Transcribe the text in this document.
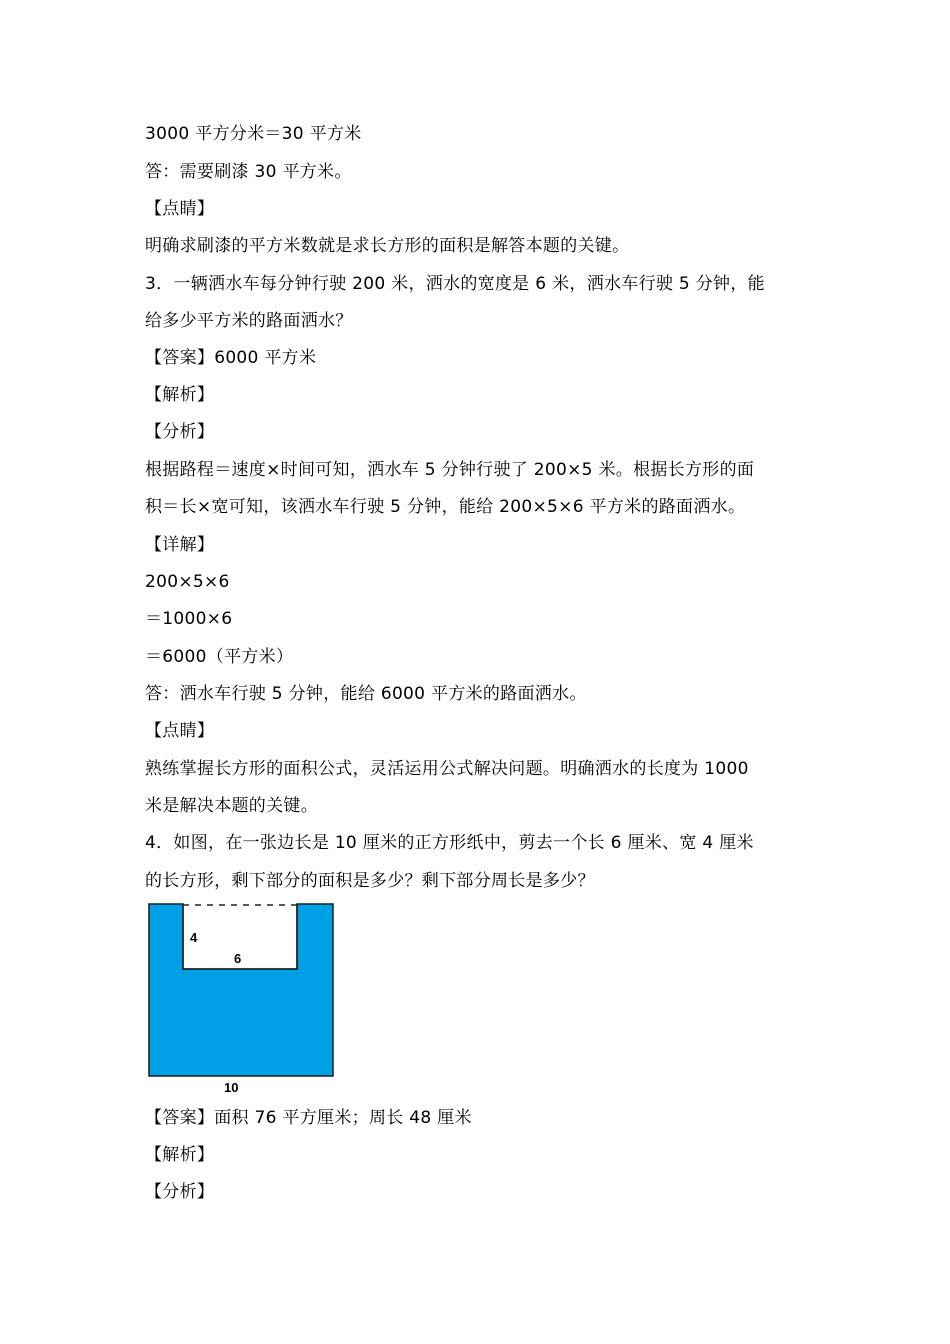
3000 平方分米＝30 平方米
答：需要刷漆 30 平方米。
【点睛】
明确求刷漆的平方米数就是求长方形的面积是解答本题的关键。
3．一辆洒水车每分钟行驶 200 米，洒水的宽度是 6 米，洒水车行驶 5 分钟，能
给多少平方米的路面洒水？
【答案】6000 平方米
【解析】
【分析】
根据路程＝速度×时间可知，洒水车 5 分钟行驶了 200×5 米。根据长方形的面
积＝长×宽可知，该洒水车行驶 5 分钟，能给 200×5×6 平方米的路面洒水。
【详解】
200×5×6
＝1000×6
＝6000（平方米）
答：洒水车行驶 5 分钟，能给 6000 平方米的路面洒水。
【点睛】
熟练掌握长方形的面积公式，灵活运用公式解决问题。明确洒水的长度为 1000
米是解决本题的关键。
4．如图，在一张边长是 10 厘米的正方形纸中，剪去一个长 6 厘米、宽 4 厘米
的长方形，剩下部分的面积是多少？剩下部分周长是多少？
4
6
10
【答案】面积 76 平方厘米；周长 48 厘米
【解析】
【分析】
